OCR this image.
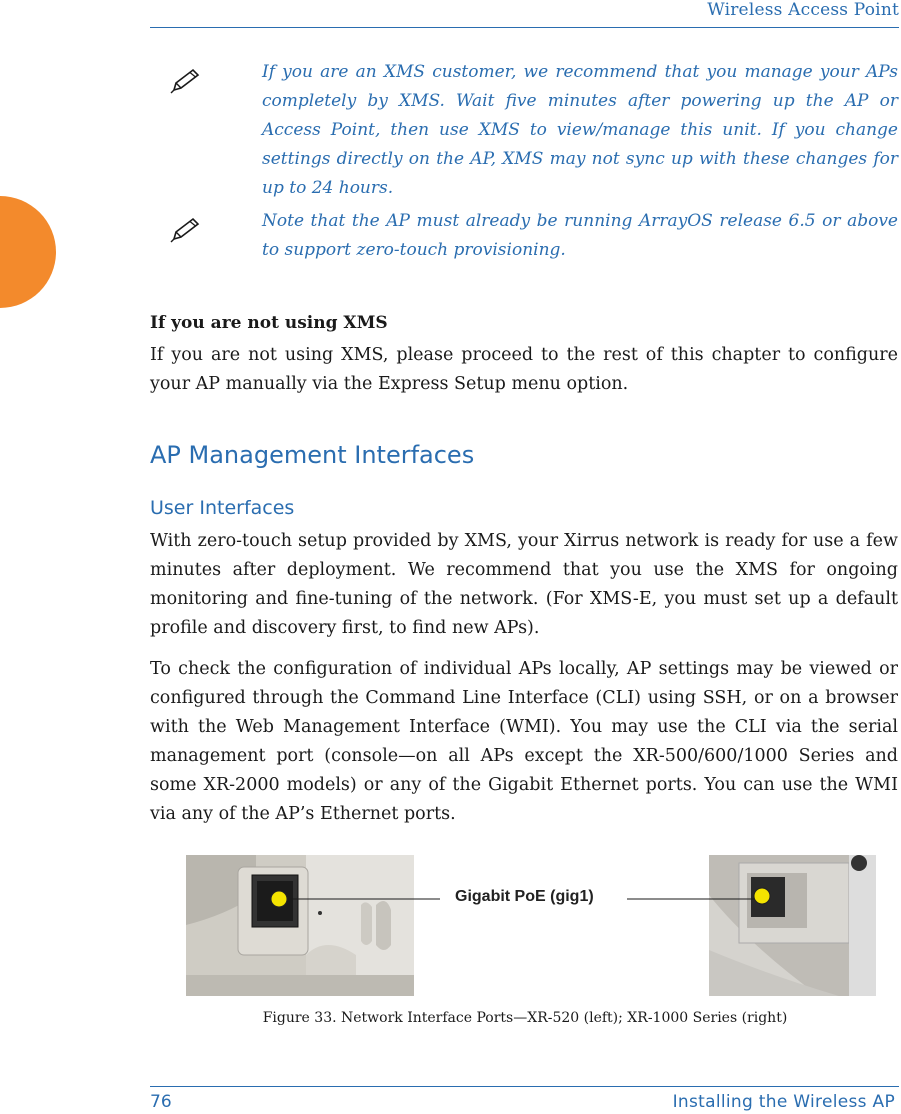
Wireless Access Point
If you are an XMS customer, we recommend that you manage your APs completely by XMS. Wait five minutes after powering up the AP or Access Point, then use XMS to view/manage this unit. If you change settings directly on the AP, XMS may not sync up with these changes for up to 24 hours.
Note that the AP must already be running ArrayOS release 6.5 or above to support zero-touch provisioning.
If you are not using XMS
If you are not using XMS, please proceed to the rest of this chapter to configure your AP manually via the Express Setup menu option.
AP Management Interfaces
User Interfaces
With zero-touch setup provided by XMS, your Xirrus network is ready for use a few minutes after deployment. We recommend that you use the XMS for ongoing monitoring and fine-tuning of the network. (For XMS-E, you must set up a default profile and discovery first, to find new APs).
To check the configuration of individual APs locally, AP settings may be viewed or configured through the Command Line Interface (CLI) using SSH, or on a browser with the Web Management Interface (WMI). You may use the CLI via the serial management port (console—on all APs except the XR-500/600/1000 Series and some XR-2000 models) or any of the Gigabit Ethernet ports. You can use the WMI via any of the AP’s Ethernet ports.
Gigabit PoE (gig1)
Figure 33. Network Interface Ports—XR-520 (left); XR-1000 Series (right)
76	Installing the Wireless AP
